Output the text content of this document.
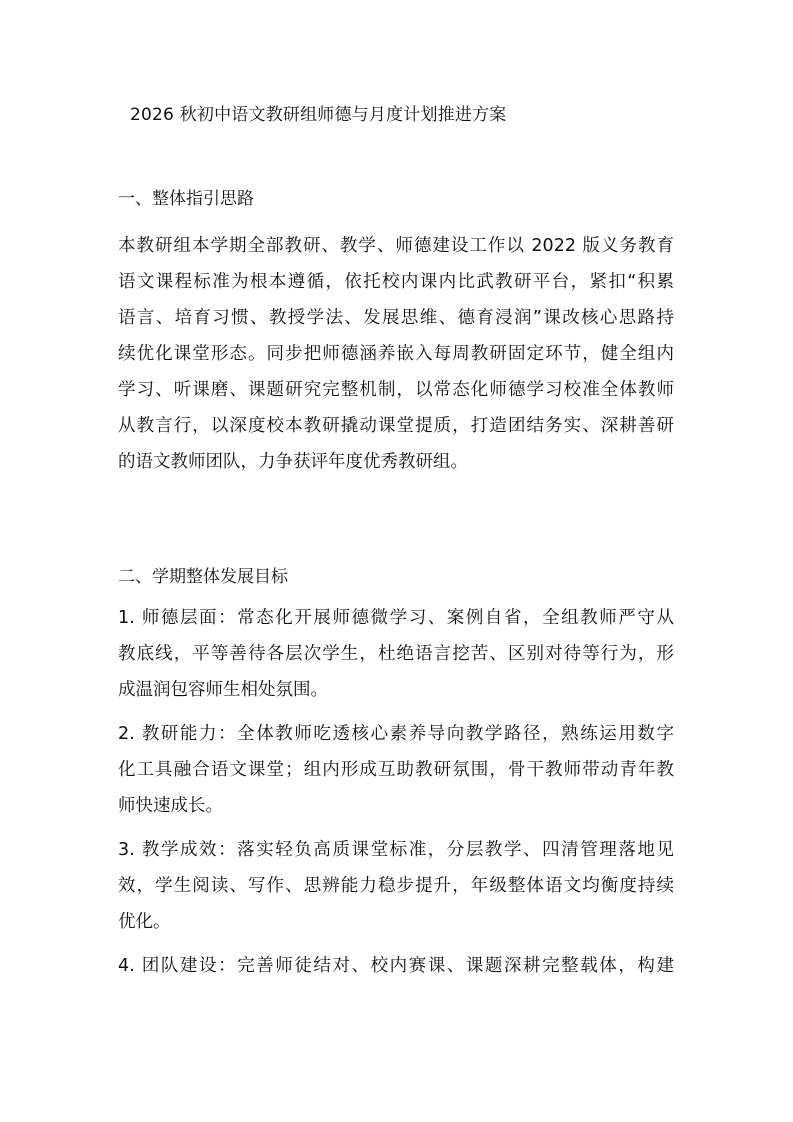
2026 秋初中语文教研组师德与月度计划推进方案
一、整体指引思路
本教研组本学期全部教研、教学、师德建设工作以 2022 版义务教育
语文课程标准为根本遵循，依托校内课内比武教研平台，紧扣“积累
语言、培育习惯、教授学法、发展思维、德育浸润”课改核心思路持
续优化课堂形态。同步把师德涵养嵌入每周教研固定环节，健全组内
学习、听课磨、课题研究完整机制，以常态化师德学习校准全体教师
从教言行，以深度校本教研撬动课堂提质，打造团结务实、深耕善研
的语文教师团队，力争获评年度优秀教研组。
二、学期整体发展目标
1. 师德层面：常态化开展师德微学习、案例自省，全组教师严守从
教底线，平等善待各层次学生，杜绝语言挖苦、区别对待等行为，形
成温润包容师生相处氛围。
2. 教研能力：全体教师吃透核心素养导向教学路径，熟练运用数字
化工具融合语文课堂；组内形成互助教研氛围，骨干教师带动青年教
师快速成长。
3. 教学成效：落实轻负高质课堂标准，分层教学、四清管理落地见
效，学生阅读、写作、思辨能力稳步提升，年级整体语文均衡度持续
优化。
4. 团队建设：完善师徒结对、校内赛课、课题深耕完整载体，构建
